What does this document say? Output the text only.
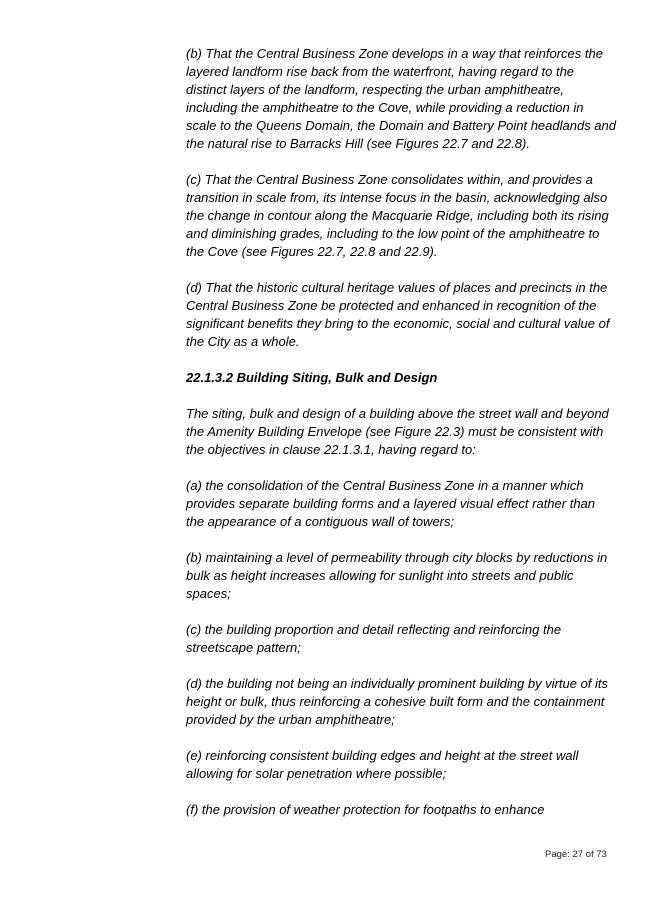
(b) That the Central Business Zone develops in a way that reinforces the layered landform rise back from the waterfront, having regard to the distinct layers of the landform, respecting the urban amphitheatre, including the amphitheatre to the Cove, while providing a reduction in scale to the Queens Domain, the Domain and Battery Point headlands and the natural rise to Barracks Hill (see Figures 22.7 and 22.8).

(c) That the Central Business Zone consolidates within, and provides a transition in scale from, its intense focus in the basin, acknowledging also the change in contour along the Macquarie Ridge, including both its rising and diminishing grades, including to the low point of the amphitheatre to the Cove (see Figures 22.7, 22.8 and 22.9).

(d) That the historic cultural heritage values of places and precincts in the Central Business Zone be protected and enhanced in recognition of the significant benefits they bring to the economic, social and cultural value of the City as a whole.

22.1.3.2 Building Siting, Bulk and Design

The siting, bulk and design of a building above the street wall and beyond the Amenity Building Envelope (see Figure 22.3) must be consistent with the objectives in clause 22.1.3.1, having regard to:

(a) the consolidation of the Central Business Zone in a manner which provides separate building forms and a layered visual effect rather than the appearance of a contiguous wall of towers;

(b) maintaining a level of permeability through city blocks by reductions in bulk as height increases allowing for sunlight into streets and public spaces;

(c) the building proportion and detail reflecting and reinforcing the streetscape pattern;

(d) the building not being an individually prominent building by virtue of its height or bulk, thus reinforcing a cohesive built form and the containment provided by the urban amphitheatre;

(e) reinforcing consistent building edges and height at the street wall allowing for solar penetration where possible;

(f) the provision of weather protection for footpaths to enhance

Page: 27 of 73
